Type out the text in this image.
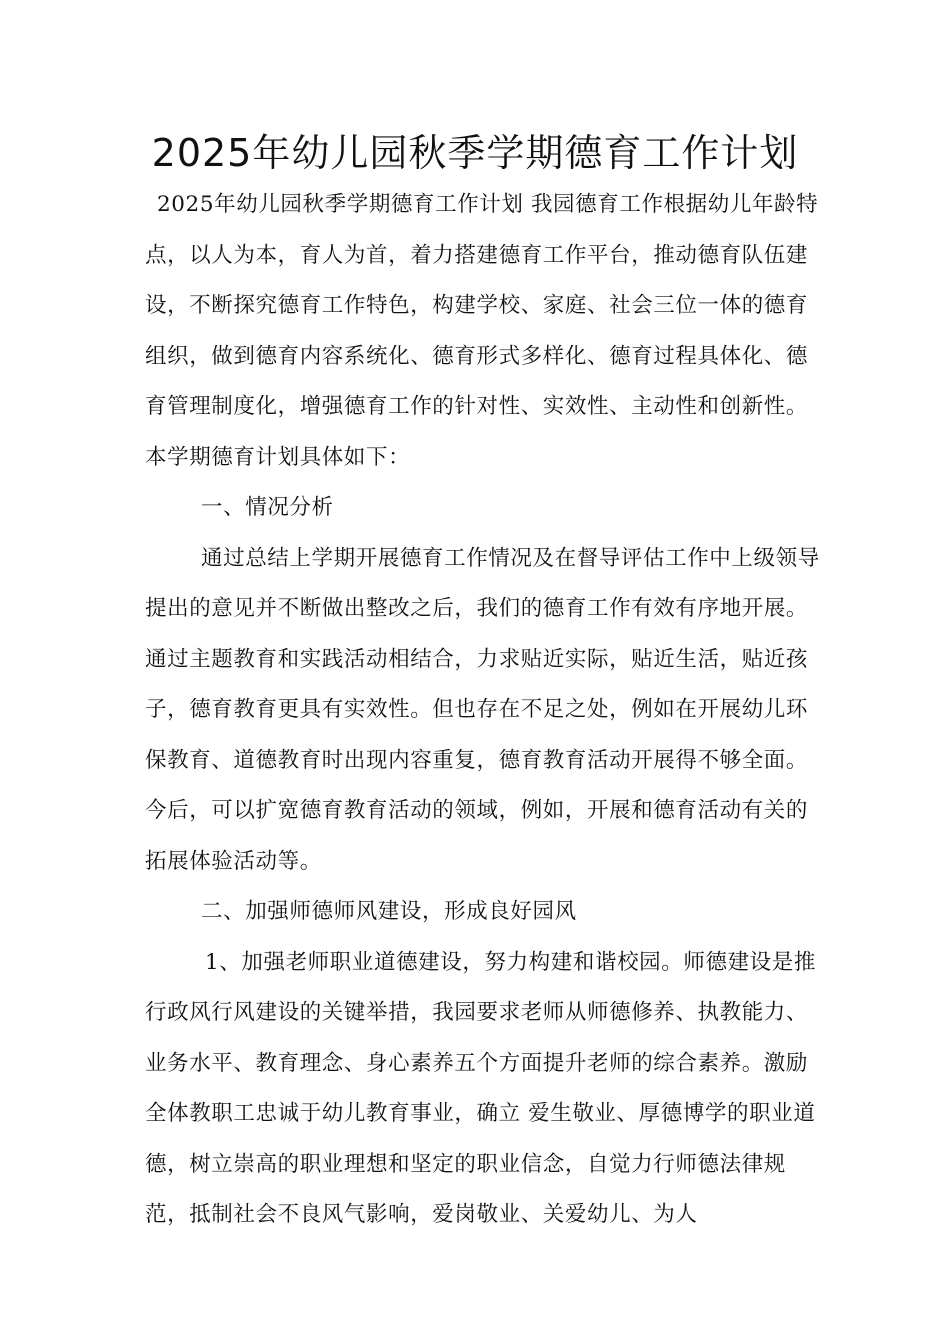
2025年幼儿园秋季学期德育工作计划

2025年幼儿园秋季学期德育工作计划 我园德育工作根据幼儿年龄特点，以人为本，育人为首，着力搭建德育工作平台，推动德育队伍建设，不断探究德育工作特色，构建学校、家庭、社会三位一体的德育组织，做到德育内容系统化、德育形式多样化、德育过程具体化、德育管理制度化，增强德育工作的针对性、实效性、主动性和创新性。本学期德育计划具体如下：

一、情况分析

通过总结上学期开展德育工作情况及在督导评估工作中上级领导提出的意见并不断做出整改之后，我们的德育工作有效有序地开展。通过主题教育和实践活动相结合，力求贴近实际，贴近生活，贴近孩子，德育教育更具有实效性。但也存在不足之处，例如在开展幼儿环保教育、道德教育时出现内容重复，德育教育活动开展得不够全面。今后，可以扩宽德育教育活动的领域，例如，开展和德育活动有关的拓展体验活动等。

二、加强师德师风建设，形成良好园风

1、加强老师职业道德建设，努力构建和谐校园。师德建设是推行政风行风建设的关键举措，我园要求老师从师德修养、执教能力、业务水平、教育理念、身心素养五个方面提升老师的综合素养。激励全体教职工忠诚于幼儿教育事业，确立 爱生敬业、厚德博学的职业道德，树立崇高的职业理想和坚定的职业信念，自觉力行师德法律规范，抵制社会不良风气影响，爱岗敬业、关爱幼儿、为人
